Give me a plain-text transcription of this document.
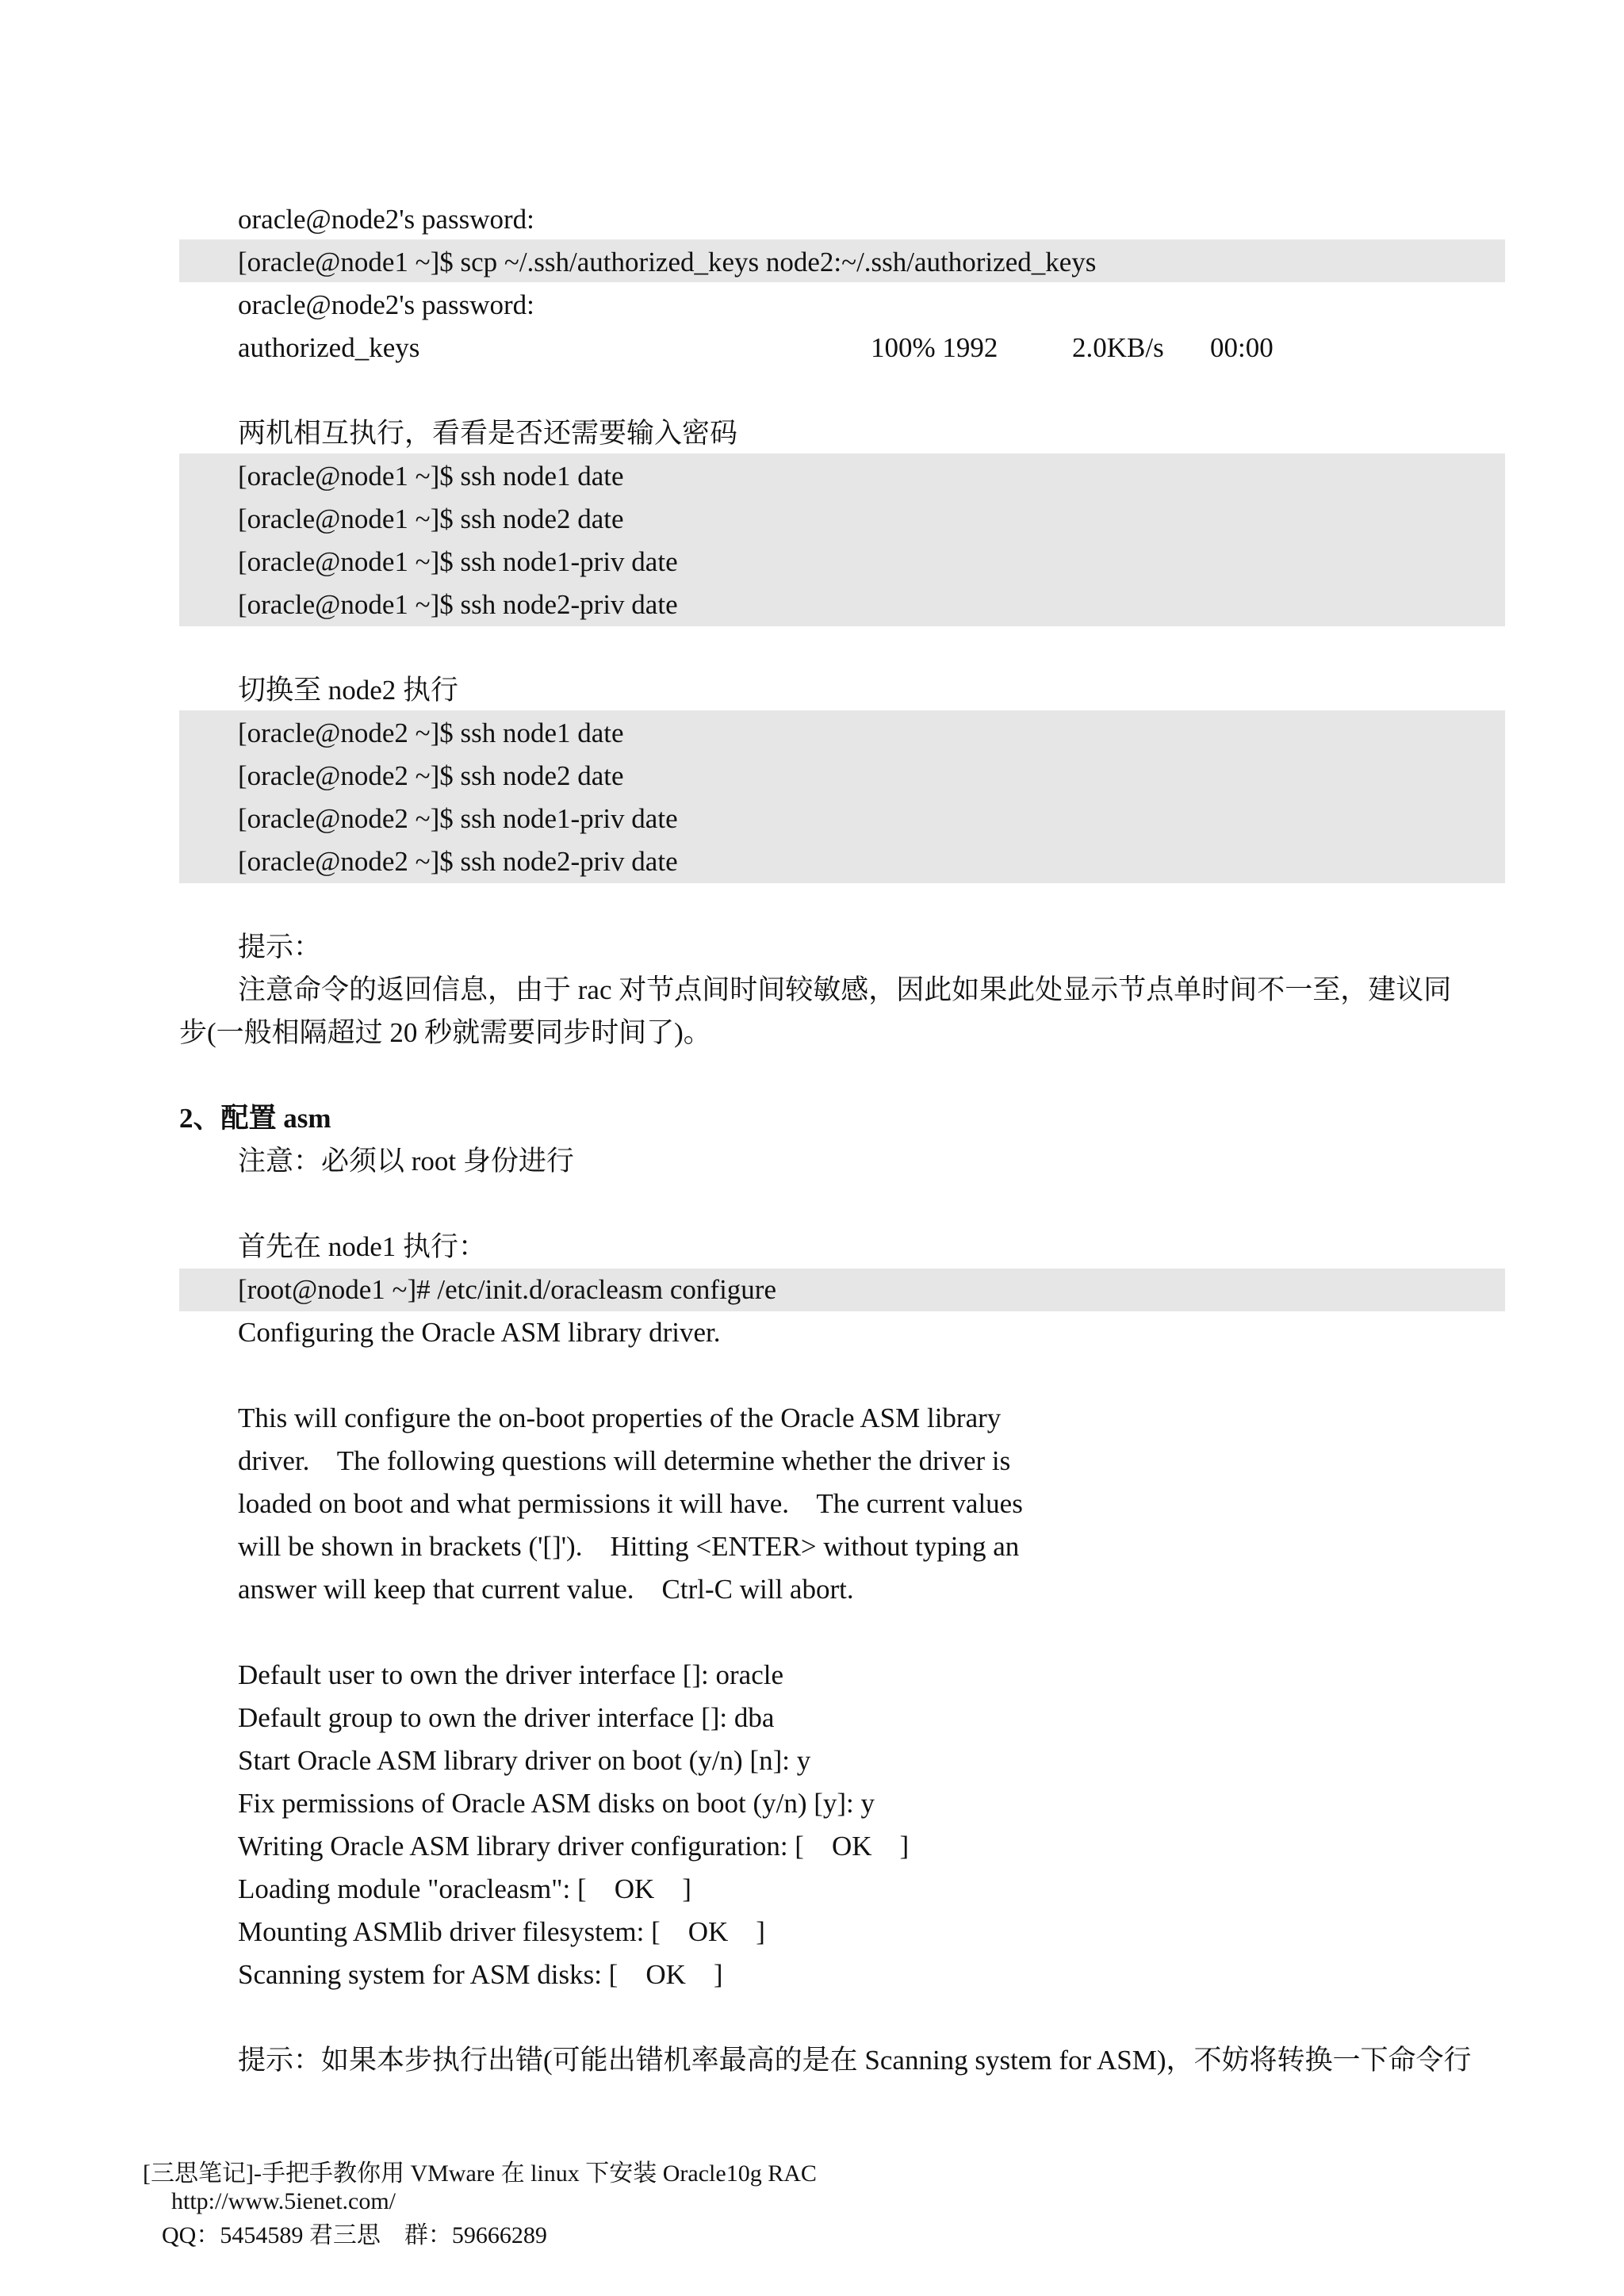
oracle@node2's password:
[oracle@node1 ~]$ scp ~/.ssh/authorized_keys node2:~/.ssh/authorized_keys
oracle@node2's password:

authorized_keys

	100% 1992

	2.0KB/s

00:00

两机相互执行，看看是否还需要输入密码
[oracle@node1 ~]$ ssh node1 date
[oracle@node1 ~]$ ssh node2 date
[oracle@node1 ~]$ ssh node1-priv date
[oracle@node1 ~]$ ssh node2-priv date
切换至 node2 执行
[oracle@node2 ~]$ ssh node1 date
[oracle@node2 ~]$ ssh node2 date
[oracle@node2 ~]$ ssh node1-priv date
[oracle@node2 ~]$ ssh node2-priv date
提示：
注意命令的返回信息，由于 rac 对节点间时间较敏感，因此如果此处显示节点单时间不一至，建议同
步(一般相隔超过 20 秒就需要同步时间了)。
2、配置 asm
注意：必须以 root 身份进行
首先在 node1 执行：
[root@node1 ~]# /etc/init.d/oracleasm configure
Configuring the Oracle ASM library driver.
This will configure the on-boot properties of the Oracle ASM library
driver.    The following questions will determine whether the driver is
loaded on boot and what permissions it will have.    The current values
will be shown in brackets ('[]').    Hitting <ENTER> without typing an
answer will keep that current value.    Ctrl-C will abort.
Default user to own the driver interface []: oracle
Default group to own the driver interface []: dba
Start Oracle ASM library driver on boot (y/n) [n]: y
Fix permissions of Oracle ASM disks on boot (y/n) [y]: y
Writing Oracle ASM library driver configuration: [    OK    ]
Loading module "oracleasm": [    OK    ]
Mounting ASMlib driver filesystem: [    OK    ]
Scanning system for ASM disks: [    OK    ]
提示：如果本步执行出错(可能出错机率最高的是在 Scanning system for ASM)，不妨将转换一下命令行

[三思笔记]-手把手教你用 VMware 在 linux 下安装 Oracle10g RAC
http://www.5ienet.com/
QQ：5454589 君三思    群：59666289
